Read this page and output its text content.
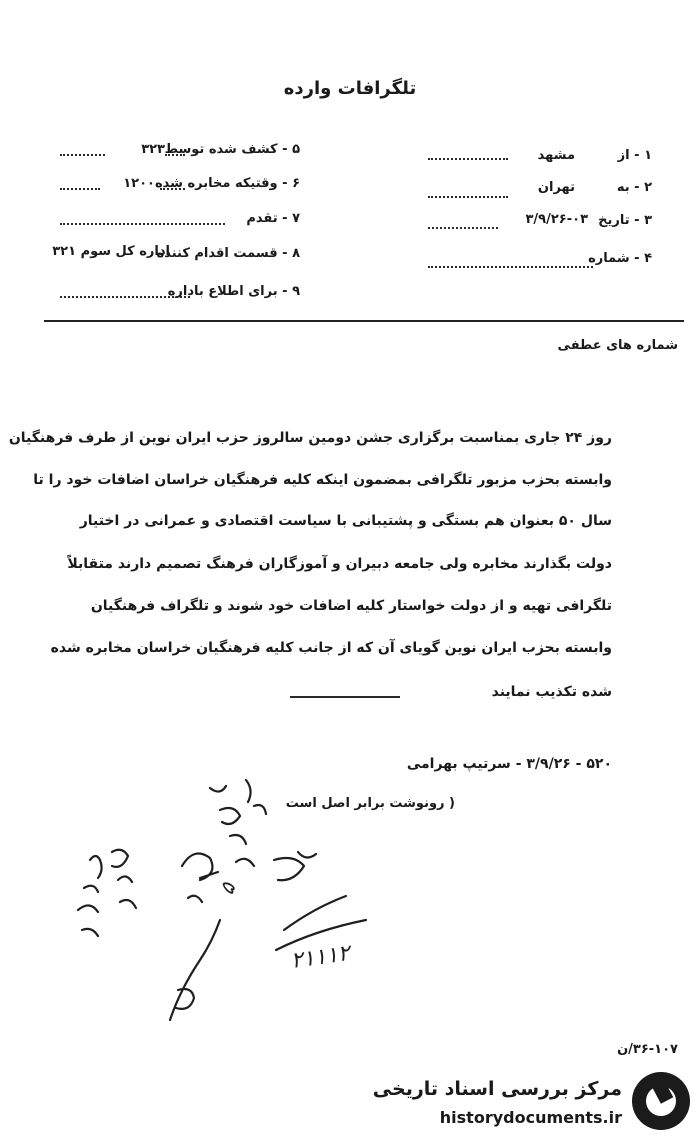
تلگرافات وارده
۱ - از
مشهد
۲ - به
تهران
۳ - تاریخ
۳/۹/۲۶-۰۳
۴ - شماره
۵ - کشف شده توسط
۳۲۳
۶ - وقتیکه مخابره شده
۱۲۰۰
۷ - تقدم
۸ - قسمت اقدام کننده
اداره کل سوم ۳۲۱
۹ - برای اطلاع باداره
شماره های عطفی
روز ۲۴ جاری بمناسبت برگزاری جشن دومین سالروز حزب ایران نوین از طرف فرهنگیان
وابسته بحزب مزبور تلگرافی بمضمون اینکه کلیه فرهنگیان خراسان اضافات خود را تا
سال ۵۰ بعنوان هم بستگی و پشتیبانی با سیاست اقتصادی و عمرانی در اختیار
دولت بگذارند مخابره ولی جامعه دبیران و آموزگاران فرهنگ تصمیم دارند متقابلاً
تلگرافی تهیه و از دولت خواستار کلیه اضافات خود شوند و تلگراف فرهنگیان
وابسته بحزب ایران نوین گویای آن که از جانب کلیه فرهنگیان خراسان مخابره شده
شده تکذیب نمایند
۵۲۰ - ۳/۹/۲۶ - سرتیپ بهرامی
( رونوشت برابر اصل است
۲۱۱۱۲
۵
۳۶-۱۰۷/ن
مرکز بررسی اسناد تاریخی
historydocuments.ir
